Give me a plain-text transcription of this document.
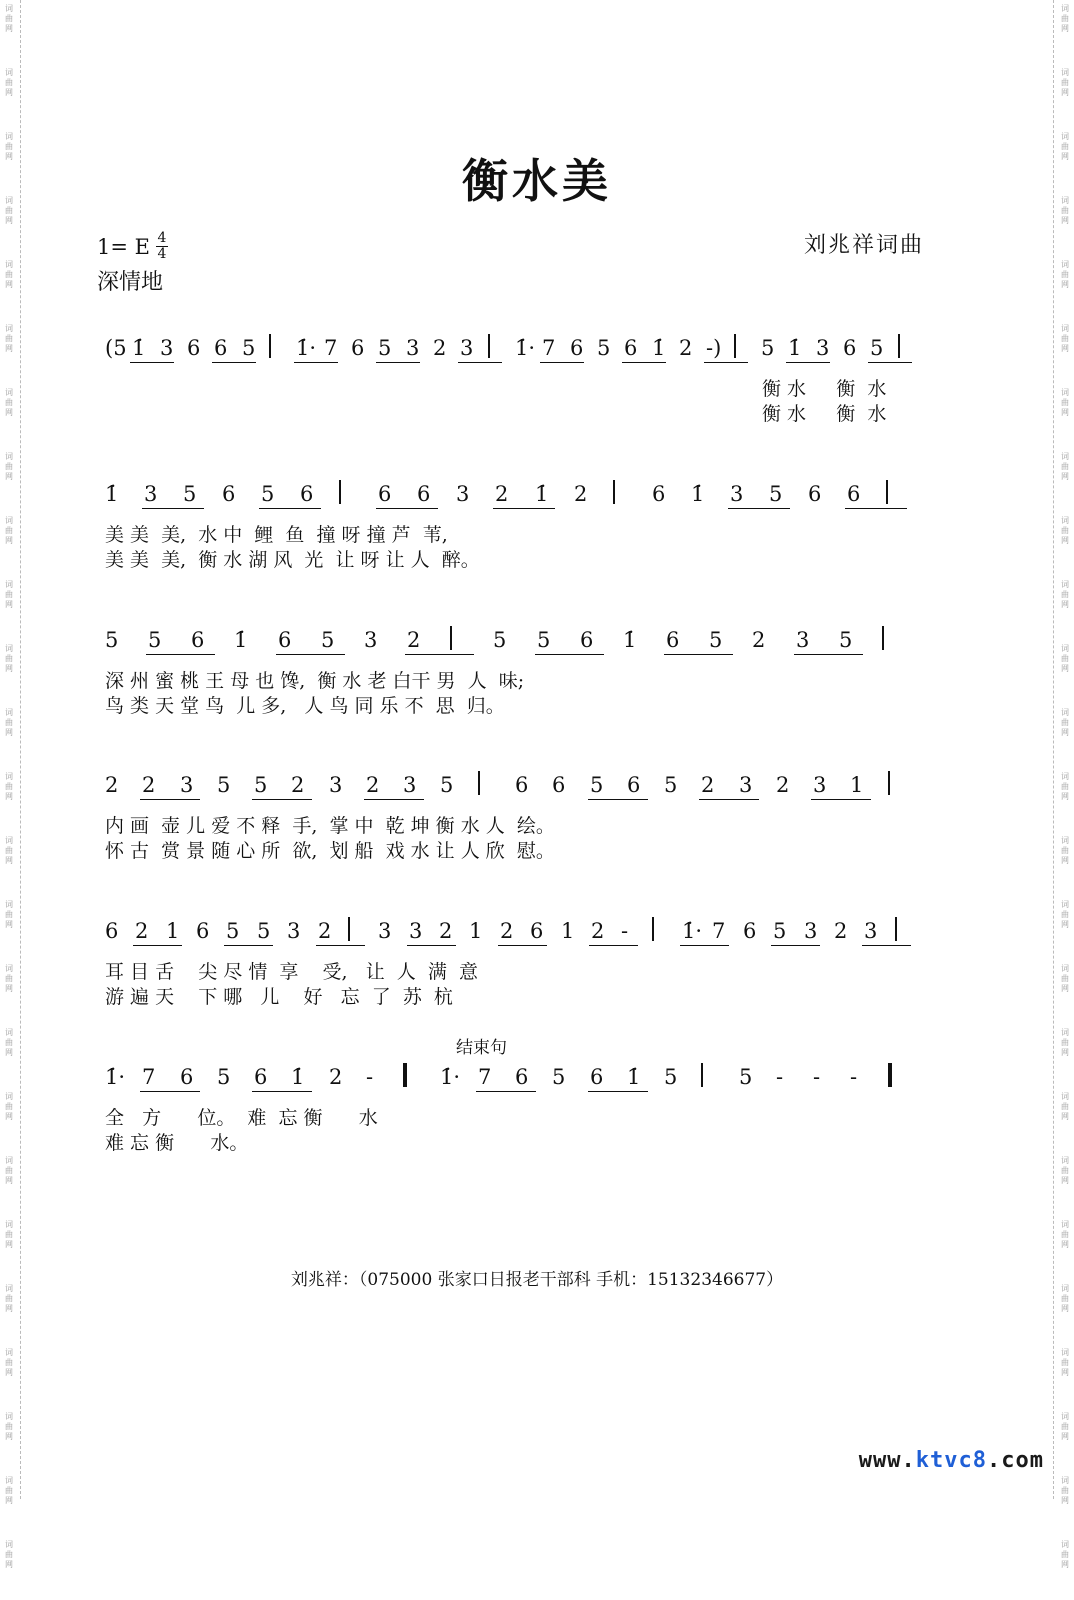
词曲网
词曲网
词曲网
词曲网
词曲网
词曲网
词曲网
词曲网
词曲网
词曲网
词曲网
词曲网
词曲网
词曲网
词曲网
词曲网
词曲网
词曲网
词曲网
词曲网
词曲网
词曲网
词曲网
词曲网
词曲网
词曲网
词曲网
词曲网
词曲网
词曲网
词曲网
词曲网
词曲网
词曲网
词曲网
词曲网
词曲网
词曲网
词曲网
词曲网
词曲网
词曲网
词曲网
词曲网
词曲网
词曲网
词曲网
词曲网
词曲网
词曲网
衡水美
1= E $\frac{4}{4}$
深情地
刘兆祥词曲
(5 1̇ 3 6 6 5 1̇· 7 6 5 3 2 3 1̇· 7 6 5 6 1̇ 2 -) 5 1̇ 3 6 5
衡 水     衡  水
衡 水     衡  水
1̇ 3 5 6 5 6	6 6 3 2 1̇ 2	6 1̇ 3 5 6 6
美 美  美,  水 中  鲤  鱼  撞 呀 撞 芦  苇,
美 美  美,  衡 水 湖 风  光  让 呀 让 人  醉。
5 5 6 1̇ 6 5 3 2	5 5 6 1̇ 6 5 2 3 5
深 州 蜜 桃 王 母 也 馋,  衡 水 老 白干 男  人  味;
鸟 类 天 堂 鸟  儿 多,   人 鸟 同 乐 不  思  归。
2 2 3 5 5 2 3 2 3 5	6 6 5 6 5 2 3 2 3 1
内 画  壶 儿 爱 不 释  手,  掌 中  乾 坤 衡 水 人  绘。
怀 古  赏 景 随 心 所  欲,  划 船  戏 水 让 人 欣  慰。
6 2 1 6 5 5 3 2 3 3 2 1 2 6 1 2 -	1̇· 7 6 5 3 2 3
耳 目 舌    尖 尽 情  享    受,   让  人  满  意
游 遍 天    下 哪   儿    好   忘  了  苏  杭
结束句
1̇· 7 6 5 6 1̇ 2 -	1̇· 7 6 5 6 1̇ 5	5 - - -
全   方      位。  难  忘 衡      水
难 忘 衡      水。
刘兆祥：（075000 张家口日报老干部科 手机：15132346677）
www.ktvc8.com
